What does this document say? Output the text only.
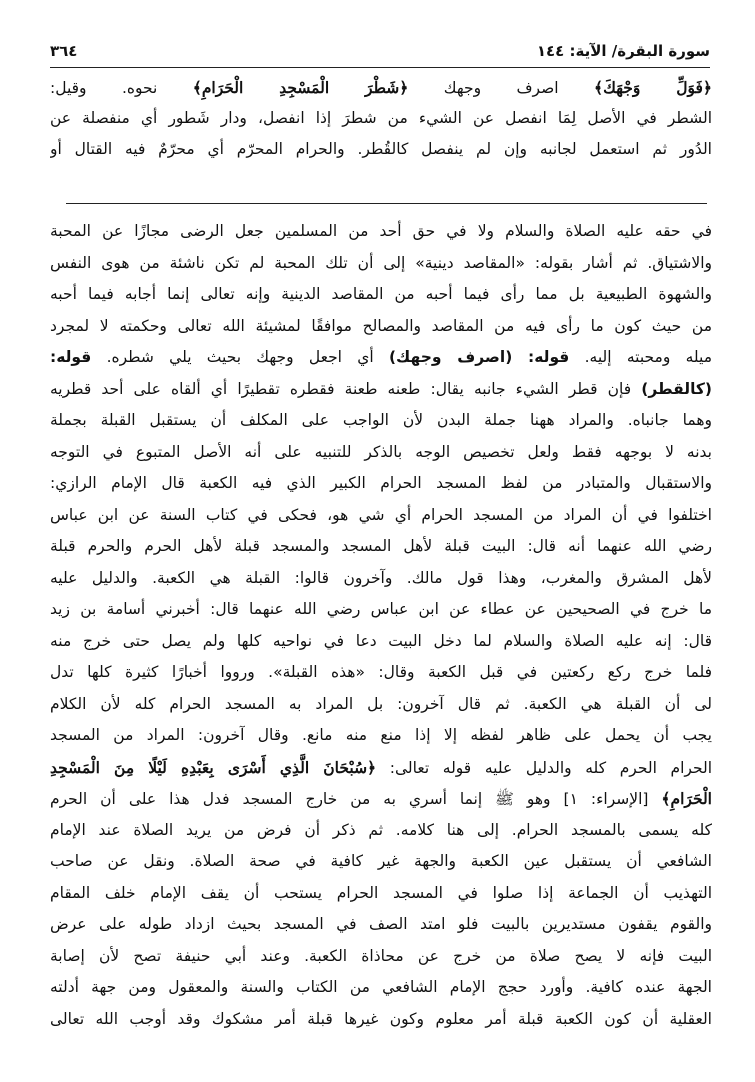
سورة البقرة/ الآية: ١٤٤
٣٦٤
﴿فَوَلِّ وَجْهَكَ﴾ اصرف وجهك ﴿شَطْرَ الْمَسْجِدِ الْحَرَامِ﴾ نحوه. وقيل:
الشطر في الأصل لِمَا انفصل عن الشيء من شطرَ إذا انفصل، ودار شَطور أي منفصلة عن
الدُور ثم استعمل لجانبه وإن لم ينفصل كالقُطر. والحرام المحرّم أي محرّمٌ فيه القتال أو
في حقه عليه الصلاة والسلام ولا في حق أحد من المسلمين جعل الرضى مجازًا عن المحبة
والاشتياق. ثم أشار بقوله: «المقاصد دينية» إلى أن تلك المحبة لم تكن ناشئة من هوى النفس
والشهوة الطبيعية بل مما رأى فيما أحبه من المقاصد الدينية وإنه تعالى إنما أجابه فيما أحبه
من حيث كون ما رأى فيه من المقاصد والمصالح موافقًا لمشيئة الله تعالى وحكمته لا لمجرد
ميله ومحبته إليه. قوله: (اصرف وجهك) أي اجعل وجهك بحيث يلي شطره. قوله:
(كالقطر) فإن قطر الشيء جانبه يقال: طعنه طعنة فقطره تقطيرًا أي ألقاه على أحد قطريه
وهما جانباه. والمراد ههنا جملة البدن لأن الواجب على المكلف أن يستقبل القبلة بجملة
بدنه لا بوجهه فقط ولعل تخصيص الوجه بالذكر للتنبيه على أنه الأصل المتبوع في التوجه
والاستقبال والمتبادر من لفظ المسجد الحرام الكبير الذي فيه الكعبة قال الإمام الرازي:
اختلفوا في أن المراد من المسجد الحرام أي شي هو، فحكى في كتاب السنة عن ابن عباس
رضي الله عنهما أنه قال: البيت قبلة لأهل المسجد والمسجد قبلة لأهل الحرم والحرم قبلة
لأهل المشرق والمغرب، وهذا قول مالك. وآخرون قالوا: القبلة هي الكعبة. والدليل عليه
ما خرج في الصحيحين عن عطاء عن ابن عباس رضي الله عنهما قال: أخبرني أسامة بن زيد
قال: إنه عليه الصلاة والسلام لما دخل البيت دعا في نواحيه كلها ولم يصل حتى خرج منه
فلما خرج ركع ركعتين في قبل الكعبة وقال: «هذه القبلة». ورووا أخبارًا كثيرة كلها تدل
لى أن القبلة هي الكعبة. ثم قال آخرون: بل المراد به المسجد الحرام كله لأن الكلام
يجب أن يحمل على ظاهر لفظه إلا إذا منع منه مانع. وقال آخرون: المراد من المسجد
الحرام الحرم كله والدليل عليه قوله تعالى: ﴿سُبْحَانَ الَّذِي أَسْرَى بِعَبْدِهِ لَيْلًا مِنَ الْمَسْجِدِ
الْحَرَامِ﴾ [الإسراء: ١] وهو ﷺ إنما أسري به من خارج المسجد فدل هذا على أن الحرم
كله يسمى بالمسجد الحرام. إلى هنا كلامه. ثم ذكر أن فرض من يريد الصلاة عند الإمام
الشافعي أن يستقبل عين الكعبة والجهة غير كافية في صحة الصلاة. ونقل عن صاحب
التهذيب أن الجماعة إذا صلوا في المسجد الحرام يستحب أن يقف الإمام خلف المقام
والقوم يقفون مستديرين بالبيت فلو امتد الصف في المسجد بحيث ازداد طوله على عرض
البيت فإنه لا يصح صلاة من خرج عن محاذاة الكعبة. وعند أبي حنيفة تصح لأن إصابة
الجهة عنده كافية. وأورد حجج الإمام الشافعي من الكتاب والسنة والمعقول ومن جهة أدلته
العقلية أن كون الكعبة قبلة أمر معلوم وكون غيرها قبلة أمر مشكوك وقد أوجب الله تعالى
